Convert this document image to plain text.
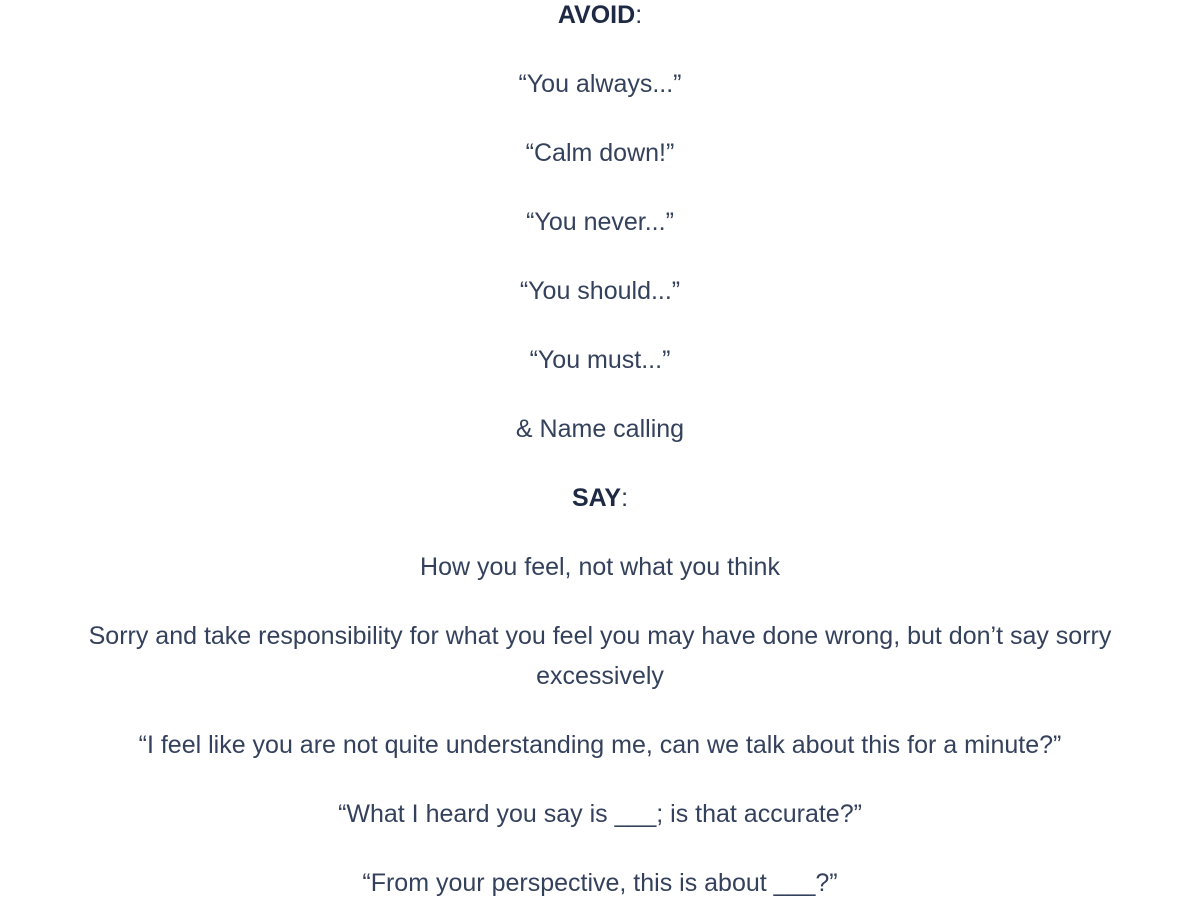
AVOID:

“You always...”

“Calm down!”

“You never...”

“You should...”

“You must...”

& Name calling

SAY:

How you feel, not what you think

Sorry and take responsibility for what you feel you may have done wrong, but don’t say sorry excessively

“I feel like you are not quite understanding me, can we talk about this for a minute?”

“What I heard you say is ___; is that accurate?”

“From your perspective, this is about ___?”
